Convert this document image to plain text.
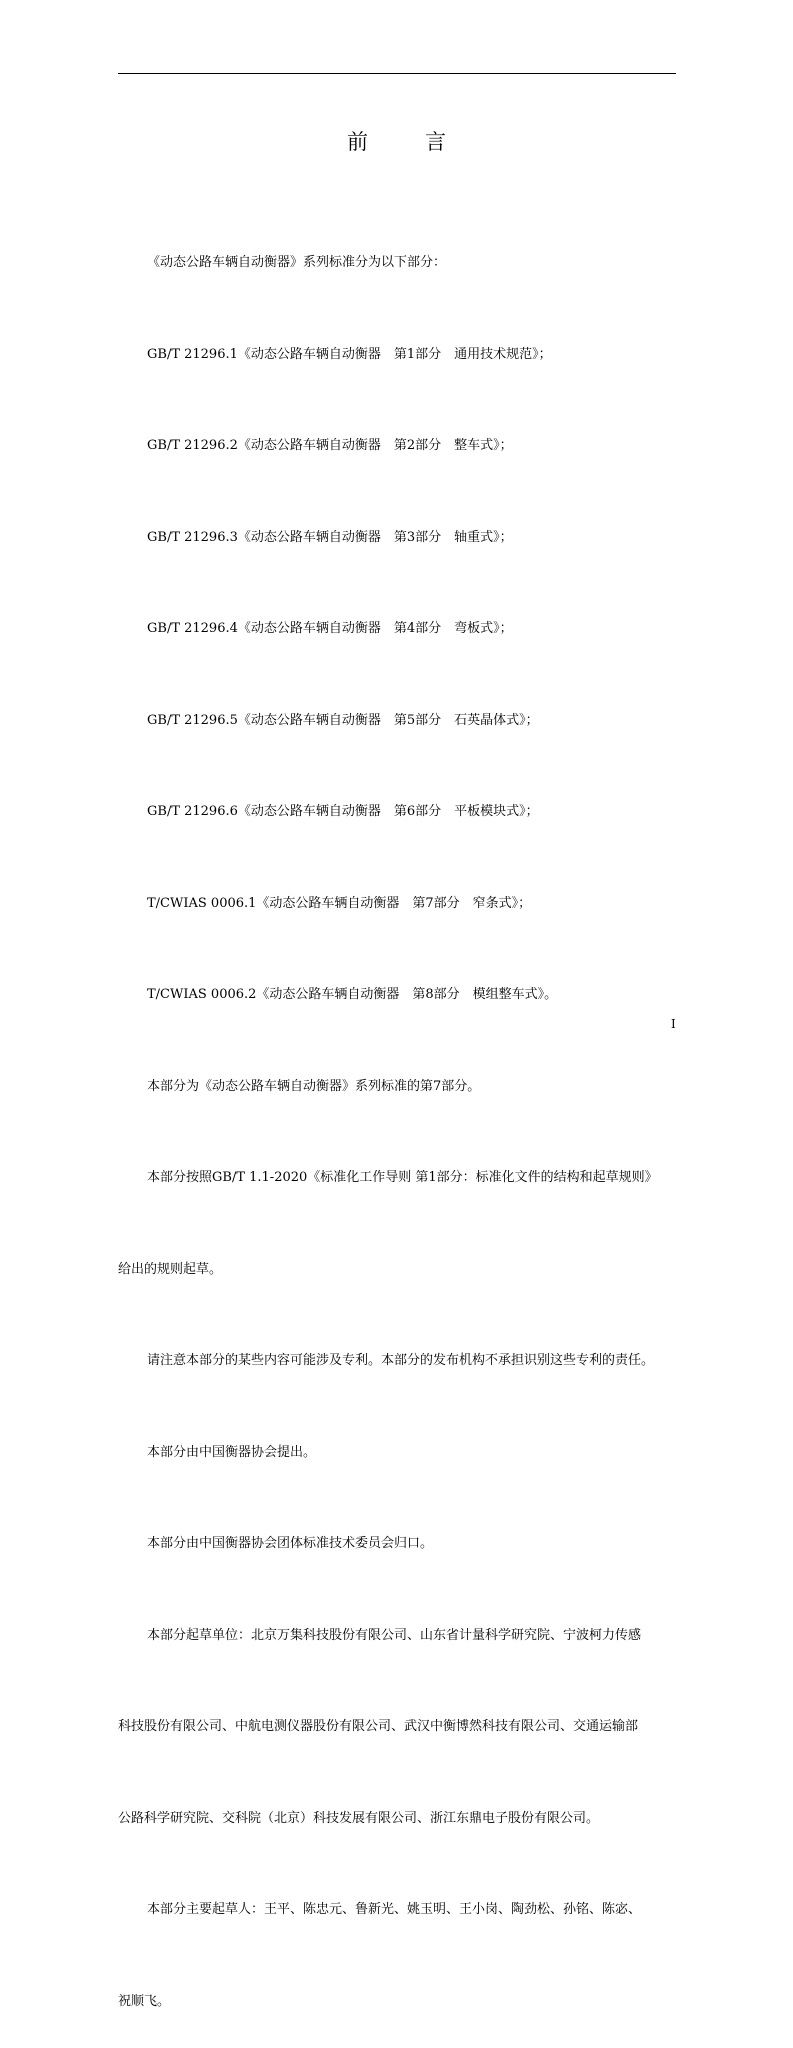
前　言

《动态公路车辆自动衡器》系列标准分为以下部分：

GB/T 21296.1《动态公路车辆自动衡器　第1部分　通用技术规范》；

GB/T 21296.2《动态公路车辆自动衡器　第2部分　整车式》；

GB/T 21296.3《动态公路车辆自动衡器　第3部分　轴重式》；

GB/T 21296.4《动态公路车辆自动衡器　第4部分　弯板式》；

GB/T 21296.5《动态公路车辆自动衡器　第5部分　石英晶体式》；

GB/T 21296.6《动态公路车辆自动衡器　第6部分　平板模块式》；

T/CWIAS 0006.1《动态公路车辆自动衡器　第7部分　窄条式》；

T/CWIAS 0006.2《动态公路车辆自动衡器　第8部分　模组整车式》。

本部分为《动态公路车辆自动衡器》系列标准的第7部分。

本部分按照GB/T 1.1-2020《标准化工作导则 第1部分：标准化文件的结构和起草规则》

给出的规则起草。

请注意本部分的某些内容可能涉及专利。本部分的发布机构不承担识别这些专利的责任。

本部分由中国衡器协会提出。

本部分由中国衡器协会团体标准技术委员会归口。

本部分起草单位：北京万集科技股份有限公司、山东省计量科学研究院、宁波柯力传感

科技股份有限公司、中航电测仪器股份有限公司、武汉中衡博然科技有限公司、交通运输部

公路科学研究院、交科院（北京）科技发展有限公司、浙江东鼎电子股份有限公司。

本部分主要起草人：王平、陈忠元、鲁新光、姚玉明、王小岗、陶劲松、孙铭、陈宓、

祝顺飞。

I
